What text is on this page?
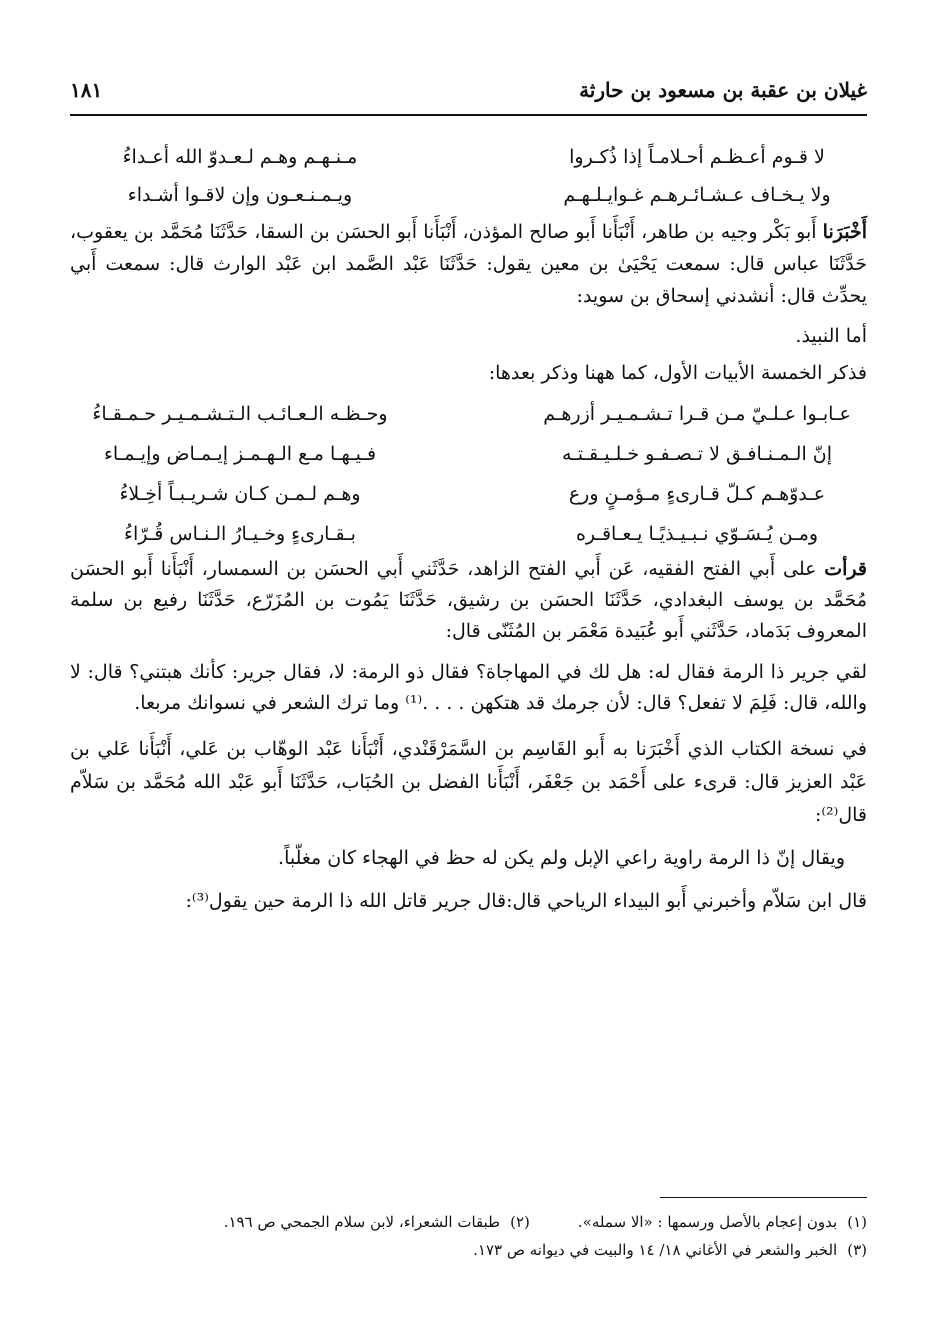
غيلان بن عقبة بن مسعود بن حارثة
١٨١
لا قـوم أعـظـم أحـلامـاً إذا ذُكـروا
مـنـهـم وهـم لـعـدوّ الله أعـداءُ
ولا يـخـاف عـشـائـرهـم غـوايـلـهـم
ويـمـنـعـون وإن لاقـوا أشـداء

أَخْبَرَنا أَبو بَكْر وجيه بن طاهر، أَنْبَأَنا أَبو صالح المؤذن، أَنْبَأَنا أَبو الحسَن بن السقا، حَدَّثَنَا مُحَمَّد بن يعقوب، حَدَّثَنَا عباس قال: سمعت يَحْيَىٰ بن معين يقول: حَدَّثَنَا عَبْد الصَّمد ابن عَبْد الوارث قال: سمعت أَبي يحدِّث قال: أنشدني إسحاق بن سويد:

أما النبيذ.

فذكر الخمسة الأبيات الأول، كما ههنا وذكر بعدها:

عـابـوا عـلـيّ مـن قـرا تـشـمـيـر أزرهـم
وحـظـه الـعـائـب الـتـشـمـيـر حـمـقـاءُ
إنّ الـمـنـافـق لا تـصـفـو خـلـيـقـتـه
فـيـهـا مـع الـهـمـز إيـمـاض وإيـمـاء
عـدوّهـم كـلّ قـارىءٍ مـؤمـنٍ ورع
وهـم لـمـن كـان شـريـبـاً أخِـلاءُ
ومـن يُـسَـوّي نـبـيـذيًـا يـعـاقـره
بـقـارىءٍ وخـيـارُ الـنـاس قُـرّاءُ

قرأت على أَبي الفتح الفقيه، عَن أَبي الفتح الزاهد، حَدَّثَني أَبي الحسَن بن السمسار، أَنْبَأَنا أَبو الحسَن مُحَمَّد بن يوسف البغدادي، حَدَّثَنَا الحسَن بن رشيق، حَدَّثَنَا يَمُوت بن المُزَرّع، حَدَّثَنَا رفيع بن سلمة المعروف بَدَماد، حَدَّثَني أَبو عُبَيدة مَعْمَر بن المُثَنّى قال:

لقي جرير ذا الرمة فقال له: هل لك في المهاجاة؟ فقال ذو الرمة: لا، فقال جرير: كأنك هبتني؟ قال: لا والله، قال: فَلِمَ لا تفعل؟ قال: لأن جرمك قد هتكهن . . . .⁽¹⁾ وما ترك الشعر في نسوانك مربعا.

في نسخة الكتاب الذي أَخْبَرَنا به أَبو القَاسِم بن السَّمَرْقَنْدي، أَنْبَأَنا عَبْد الوهّاب بن عَلي، أَنْبَأَنا عَلي بن عَبْد العزيز قال: قرىء على أَحْمَد بن جَعْفَر، أَنْبَأَنا الفضل بن الحُبَاب، حَدَّثَنَا أَبو عَبْد الله مُحَمَّد بن سَلاّم قال⁽²⁾:

ويقال إنّ ذا الرمة راوية راعي الإبل ولم يكن له حظ في الهجاء كان مغلّباً.

قال ابن سَلاّم وأخبرني أَبو البيداء الرياحي قال:قال جرير قاتل الله ذا الرمة حين يقول⁽³⁾:

(١)بدون إعجام بالأصل ورسمها : «الا سمله».(٢)طبقات الشعراء، لابن سلام الجمحي ص ١٩٦.
(٣)الخبر والشعر في الأغاني ١٨/ ١٤ والبيت في ديوانه ص ١٧٣.
